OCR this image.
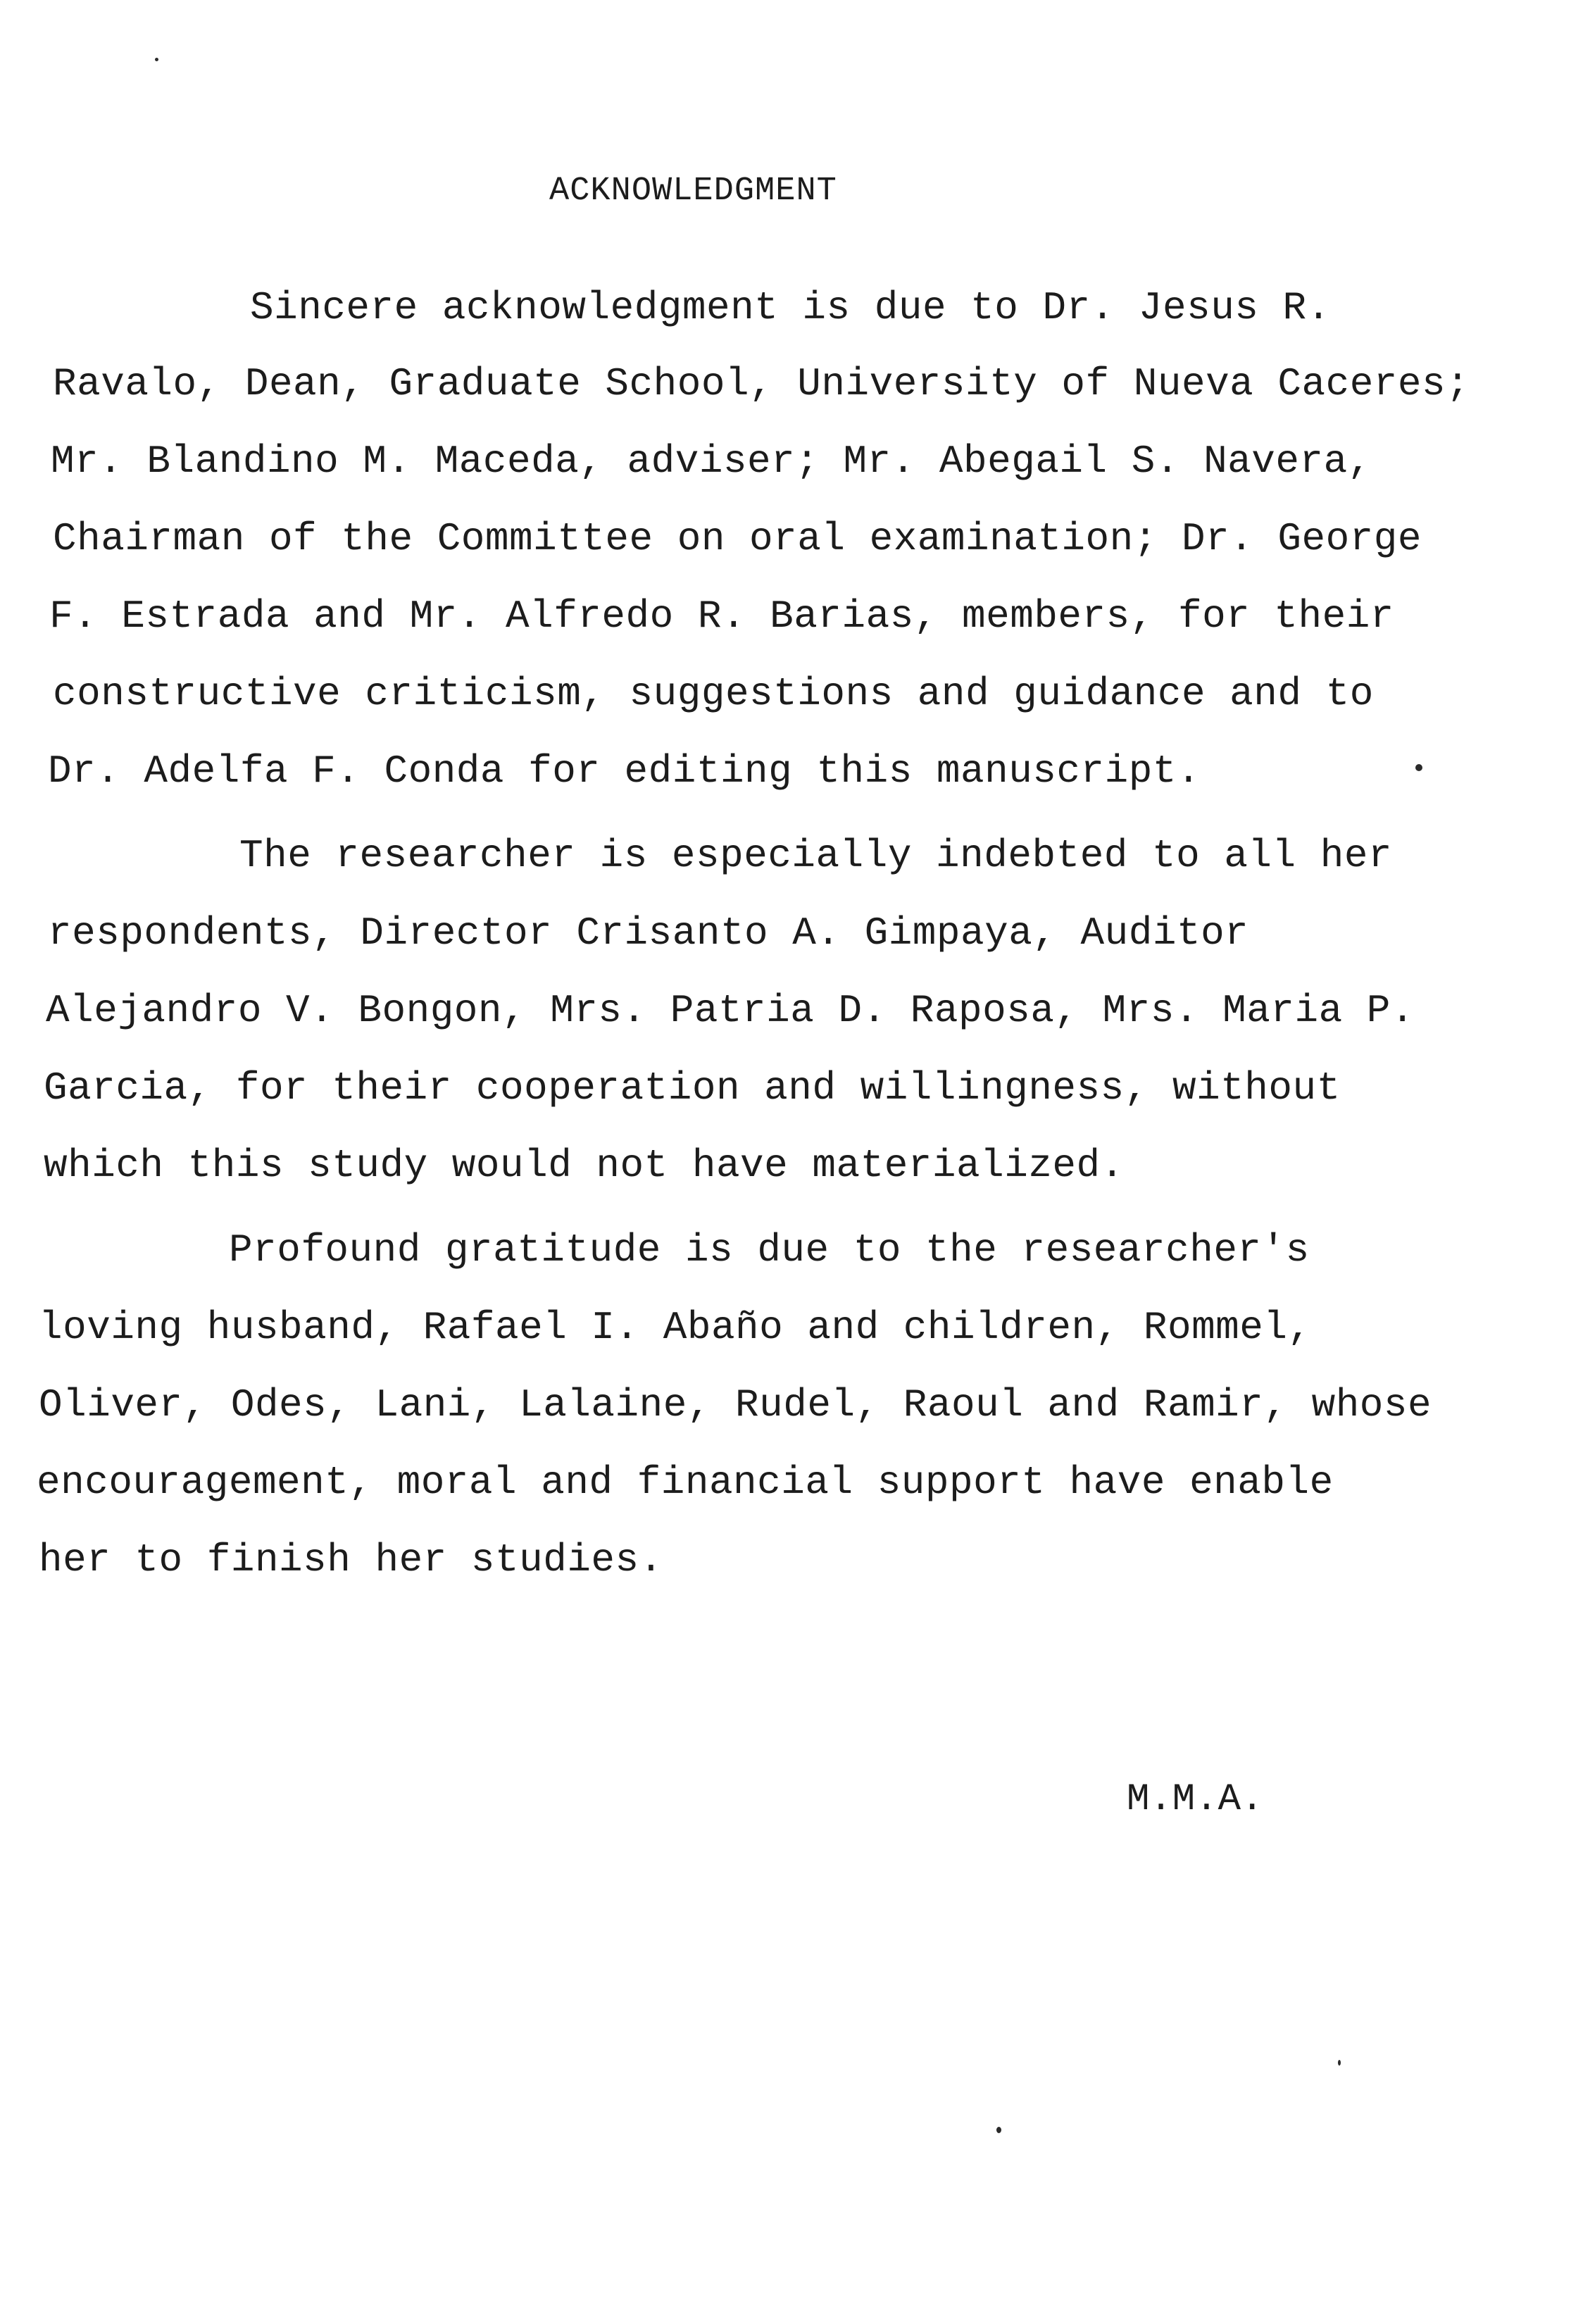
ACKNOWLEDGMENT
Sincere acknowledgment is due to Dr. Jesus R.
Ravalo, Dean, Graduate School, University of Nueva Caceres;
Mr. Blandino M. Maceda, adviser; Mr. Abegail S. Navera,
Chairman of the Committee on oral examination; Dr. George
F. Estrada and Mr. Alfredo R. Barias, members, for their
constructive criticism, suggestions and guidance and to
Dr. Adelfa F. Conda for editing this manuscript.
The researcher is especially indebted to all her
respondents, Director Crisanto A. Gimpaya, Auditor
Alejandro V. Bongon, Mrs. Patria D. Raposa, Mrs. Maria P.
Garcia, for their cooperation and willingness, without
which this study would not have materialized.
Profound gratitude is due to the researcher's
loving husband, Rafael I. Abaño and children, Rommel,
Oliver, Odes, Lani, Lalaine, Rudel, Raoul and Ramir, whose
encouragement, moral and financial support have enable
her to finish her studies.
M.M.A.
